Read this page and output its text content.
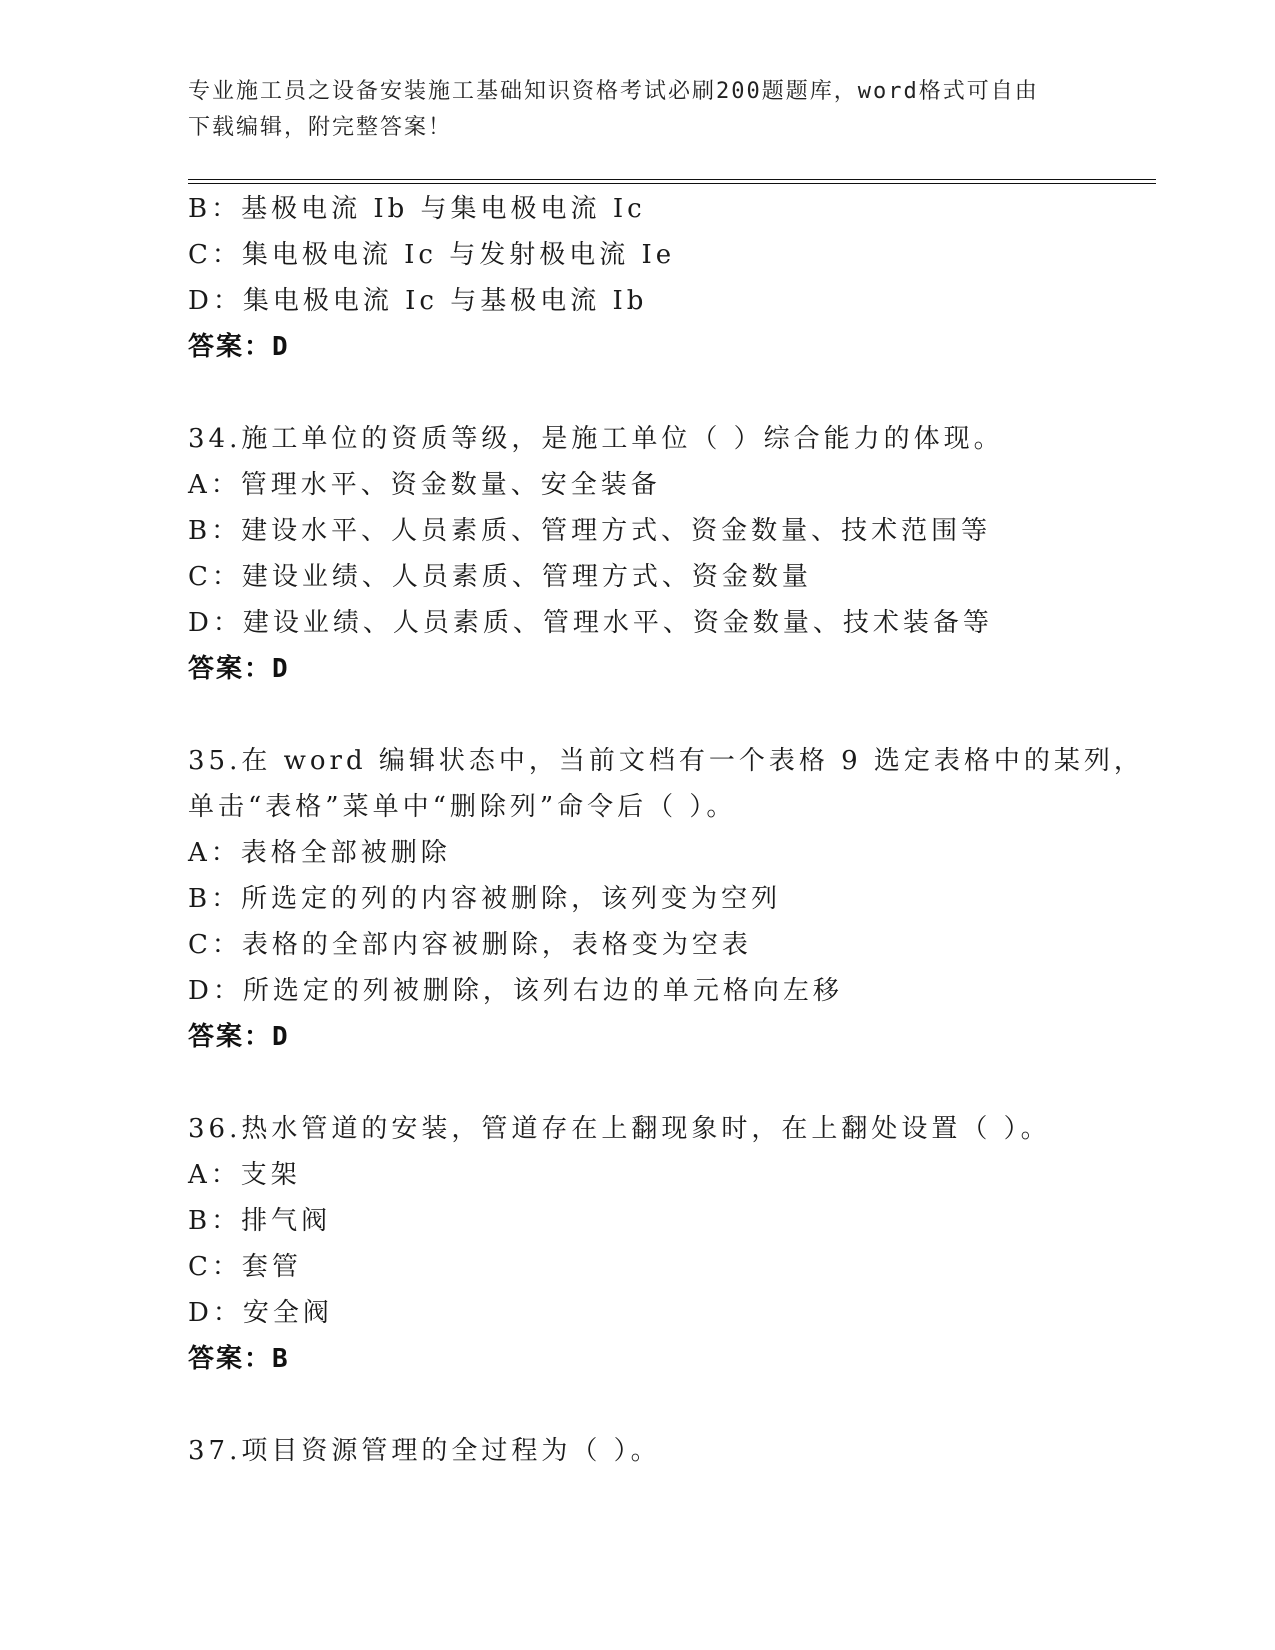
专业施工员之设备安装施工基础知识资格考试必刷200题题库，word格式可自由
下载编辑，附完整答案！
B：基极电流 Ib 与集电极电流 Ic
C：集电极电流 Ic 与发射极电流 Ie
D：集电极电流 Ic 与基极电流 Ib
答案：D
34.施工单位的资质等级，是施工单位（ ）综合能力的体现。
A：管理水平、资金数量、安全装备
B：建设水平、人员素质、管理方式、资金数量、技术范围等
C：建设业绩、人员素质、管理方式、资金数量
D：建设业绩、人员素质、管理水平、资金数量、技术装备等
答案：D
35.在 word 编辑状态中，当前文档有一个表格 9 选定表格中的某列，
单击“表格”菜单中“删除列”命令后（ ）。
A：表格全部被删除
B：所选定的列的内容被删除，该列变为空列
C：表格的全部内容被删除，表格变为空表
D：所选定的列被删除，该列右边的单元格向左移
答案：D
36.热水管道的安装，管道存在上翻现象时，在上翻处设置（ ）。
A：支架
B：排气阀
C：套管
D：安全阀
答案：B
37.项目资源管理的全过程为（ ）。
